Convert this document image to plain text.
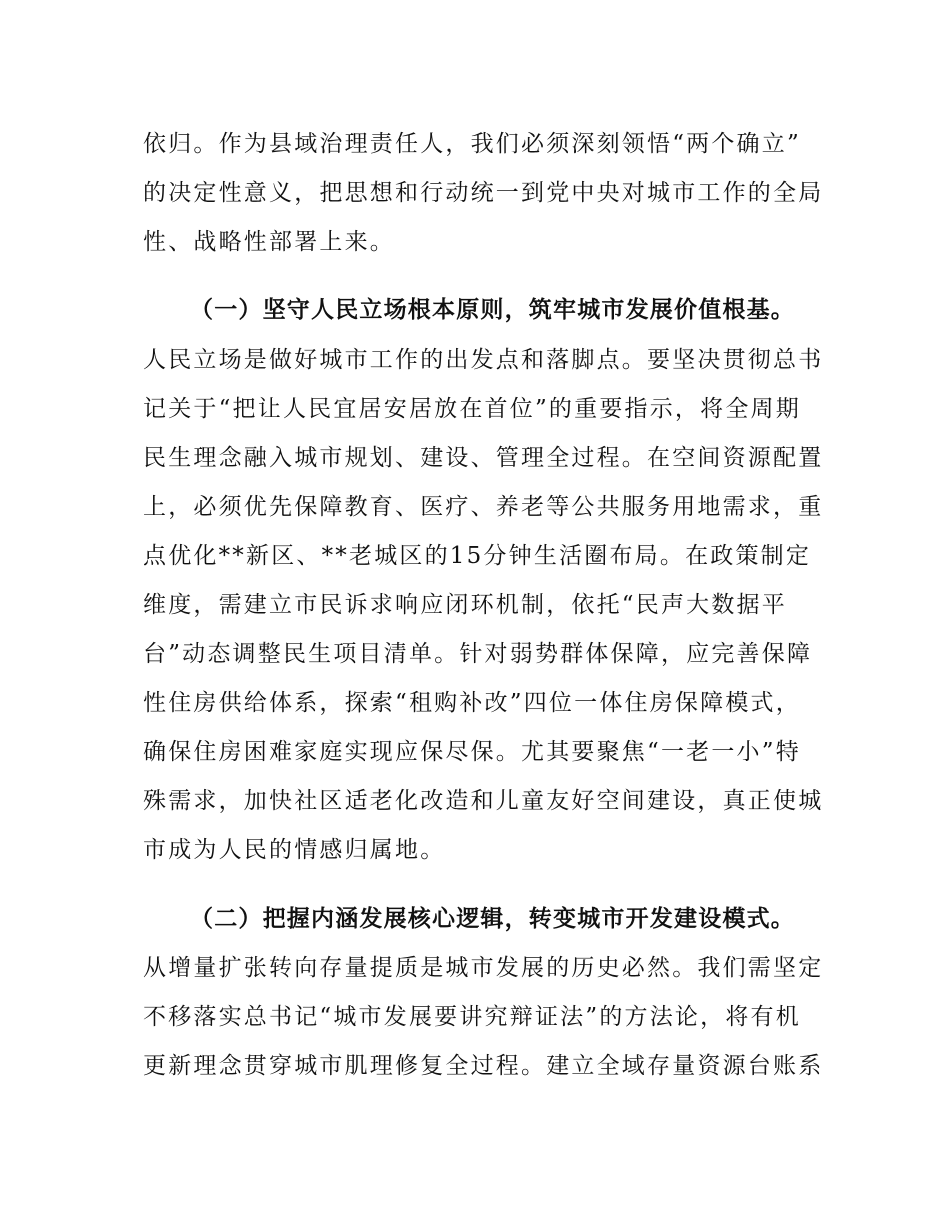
依归。作为县域治理责任人，我们必须深刻领悟“两个确立”
的决定性意义，把思想和行动统一到党中央对城市工作的全局
性、战略性部署上来。
（一）坚守人民立场根本原则，筑牢城市发展价值根基。
人民立场是做好城市工作的出发点和落脚点。要坚决贯彻总书
记关于“把让人民宜居安居放在首位”的重要指示，将全周期
民生理念融入城市规划、建设、管理全过程。在空间资源配置
上，必须优先保障教育、医疗、养老等公共服务用地需求，重
点优化**新区、**老城区的15分钟生活圈布局。在政策制定
维度，需建立市民诉求响应闭环机制，依托“民声大数据平
台”动态调整民生项目清单。针对弱势群体保障，应完善保障
性住房供给体系，探索“租购补改”四位一体住房保障模式，
确保住房困难家庭实现应保尽保。尤其要聚焦“一老一小”特
殊需求，加快社区适老化改造和儿童友好空间建设，真正使城
市成为人民的情感归属地。
（二）把握内涵发展核心逻辑，转变城市开发建设模式。
从增量扩张转向存量提质是城市发展的历史必然。我们需坚定
不移落实总书记“城市发展要讲究辩证法”的方法论，将有机
更新理念贯穿城市肌理修复全过程。建立全域存量资源台账系
